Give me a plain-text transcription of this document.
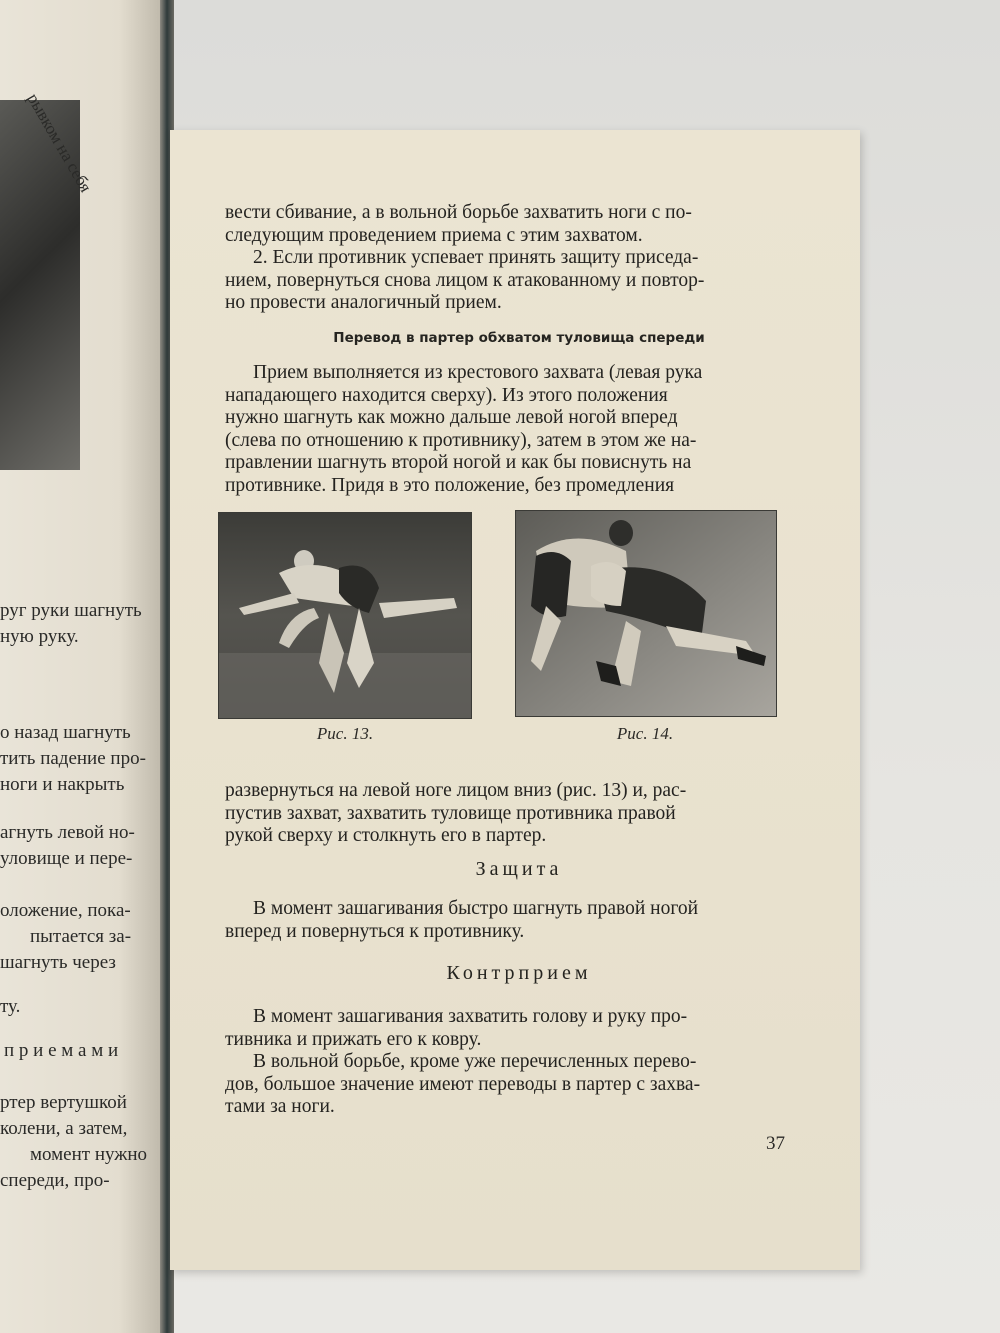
рывком на себя
руг руки шагнуть
ную руку.
о назад шагнуть
тить падение про-
ноги и накрыть
агнуть левой но-
уловище и пере-
оложение, пока-
пытается за-
шагнуть через
ту.
п р и е м а м и
ртер вертушкой
колени, а затем,
момент нужно
спереди, про-

вести сбивание, а в вольной борьбе захватить ноги с по-

следующим проведением приема с этим захватом.

2. Если противник успевает принять защиту приседа-

нием, повернуться снова лицом к атакованному и повтор-

но провести аналогичный прием.

Перевод в партер обхватом туловища спереди

Прием выполняется из крестового захвата (левая рука

нападающего находится сверху). Из этого положения

нужно шагнуть как можно дальше левой ногой вперед

(слева по отношению к противнику), затем в этом же на-

правлении шагнуть второй ногой и как бы повиснуть на

противнике. Придя в это положение, без промедления

Рис. 13.	Рис. 14.

развернуться на левой ноге лицом вниз (рис. 13) и, рас-

пустив захват, захватить туловище противника правой

рукой сверху и столкнуть его в партер.

Защита

В момент зашагивания быстро шагнуть правой ногой

вперед и повернуться к противнику.

Контрприем

В момент зашагивания захватить голову и руку про-

тивника и прижать его к ковру.

В вольной борьбе, кроме уже перечисленных перево-

дов, большое значение имеют переводы в партер с захва-

тами за ноги.

37
